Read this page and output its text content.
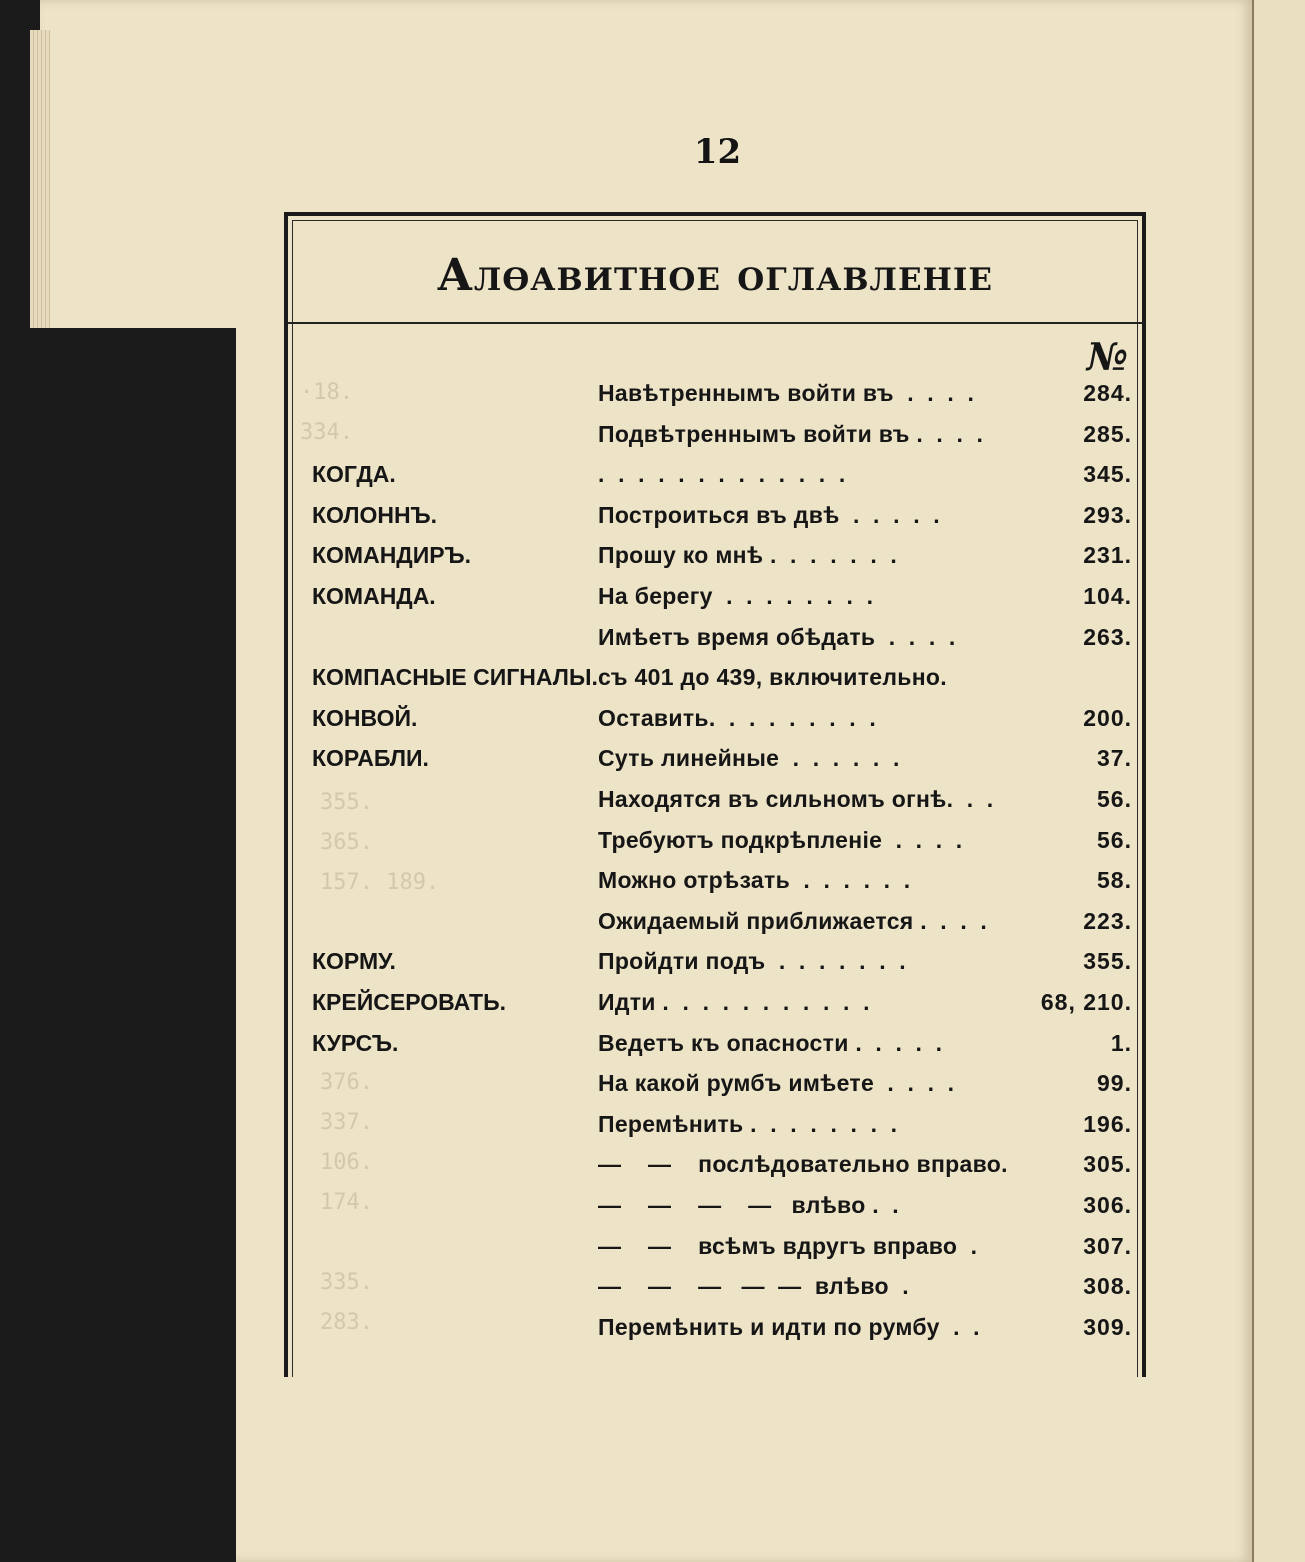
·18.
334.
355.
365.
157. 189.
376.
337.
106.
174.
335.
283.
12
Алѳавитное оглавленіе
№
Навѣтреннымъ войти въ  .  .  .  .	284.
Подвѣтреннымъ войти въ .  .  .  .	285.
КОГДА.	.  .  .  .  .  .  .  .  .  .  .  .  .	345.
КОЛОННЪ.	Построиться въ двѣ  .  .  .  .  .	293.
КОМАНДИРЪ.	Прошу ко мнѣ .  .  .  .  .  .  .	231.
КОМАНДА.	На берегу  .  .  .  .  .  .  .  .	104.
Имѣетъ время обѣдать  .  .  .  .	263.
КОМПАСНЫЕ СИГНАЛЫ. съ 401 до 439, включительно.
КОНВОЙ.	Оставить.  .  .  .  .  .  .  .  .	200.
КОРАБЛИ.	Суть линейные  .  .  .  .  .  .	37.
Находятся въ сильномъ огнѣ.  .  .	56.
Требуютъ подкрѣпленіе  .  .  .  .	56.
Можно отрѣзать  .  .  .  .  .  .	58.
Ожидаемый приближается .  .  .  .	223.
КОРМУ.	Пройдти подъ  .  .  .  .  .  .  .	355.
КРЕЙСЕРОВАТЬ.	Идти .  .  .  .  .  .  .  .  .  .  .	68, 210.
КУРСЪ.	Ведетъ къ опасности .  .  .  .  .	1.
На какой румбъ имѣете  .  .  .  .	99.
Перемѣнить .  .  .  .  .  .  .  .	196.
—    —    послѣдовательно вправо.	305.
—    —    —    —   влѣво .  .	306.
—    —    всѣмъ вдругъ вправо  .	307.
—    —    —   —  —  влѣво  .	308.
Перемѣнить и идти по румбу  .  .	309.
